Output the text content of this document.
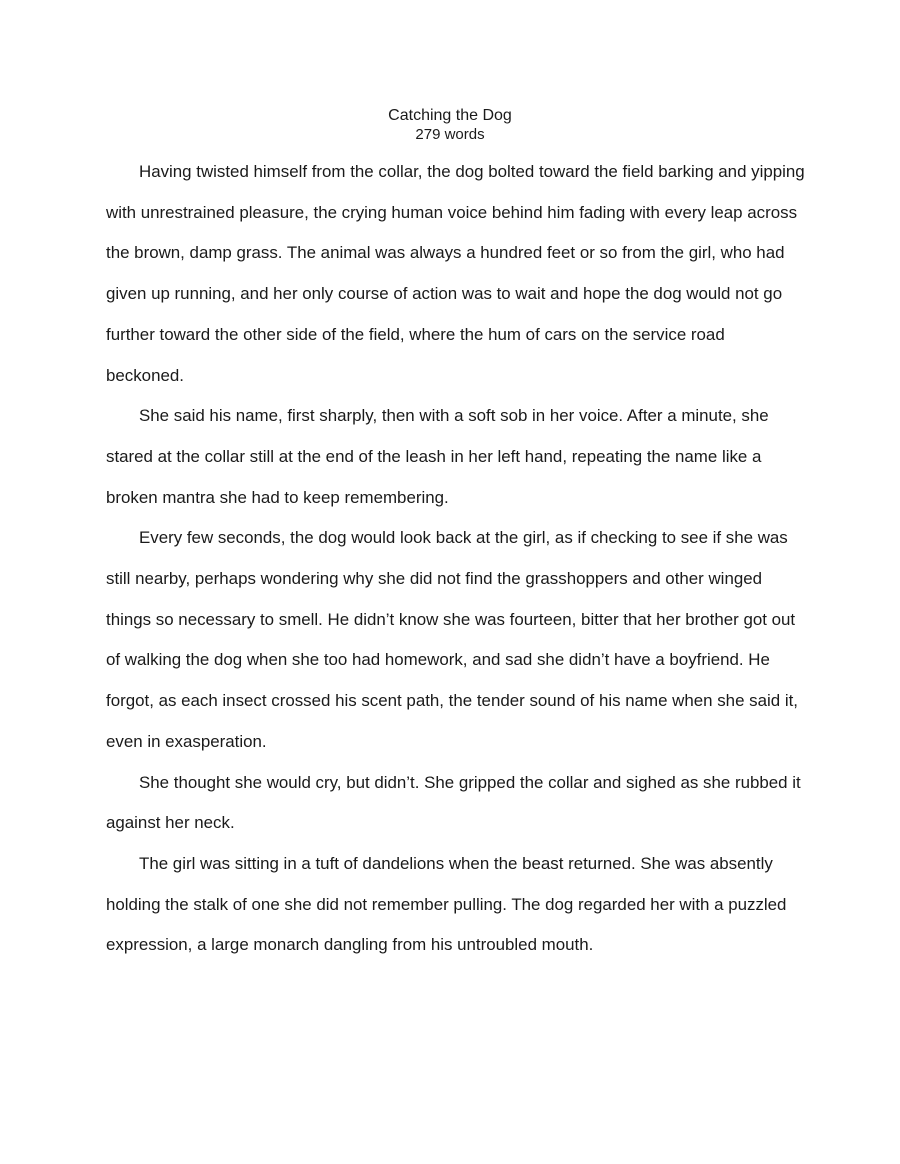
Catching the Dog
279 words

Having twisted himself from the collar, the dog bolted toward the field barking and yipping with unrestrained pleasure, the crying human voice behind him fading with every leap across the brown, damp grass. The animal was always a hundred feet or so from the girl, who had given up running, and her only course of action was to wait and hope the dog would not go further toward the other side of the field, where the hum of cars on the service road beckoned.

She said his name, first sharply, then with a soft sob in her voice. After a minute, she stared at the collar still at the end of the leash in her left hand, repeating the name like a broken mantra she had to keep remembering.

Every few seconds, the dog would look back at the girl, as if checking to see if she was still nearby, perhaps wondering why she did not find the grasshoppers and other winged things so necessary to smell. He didn’t know she was fourteen, bitter that her brother got out of walking the dog when she too had homework, and sad she didn’t have a boyfriend. He forgot, as each insect crossed his scent path, the tender sound of his name when she said it, even in exasperation.

She thought she would cry, but didn’t. She gripped the collar and sighed as she rubbed it against her neck.

The girl was sitting in a tuft of dandelions when the beast returned. She was absently holding the stalk of one she did not remember pulling. The dog regarded her with a puzzled expression, a large monarch dangling from his untroubled mouth.
